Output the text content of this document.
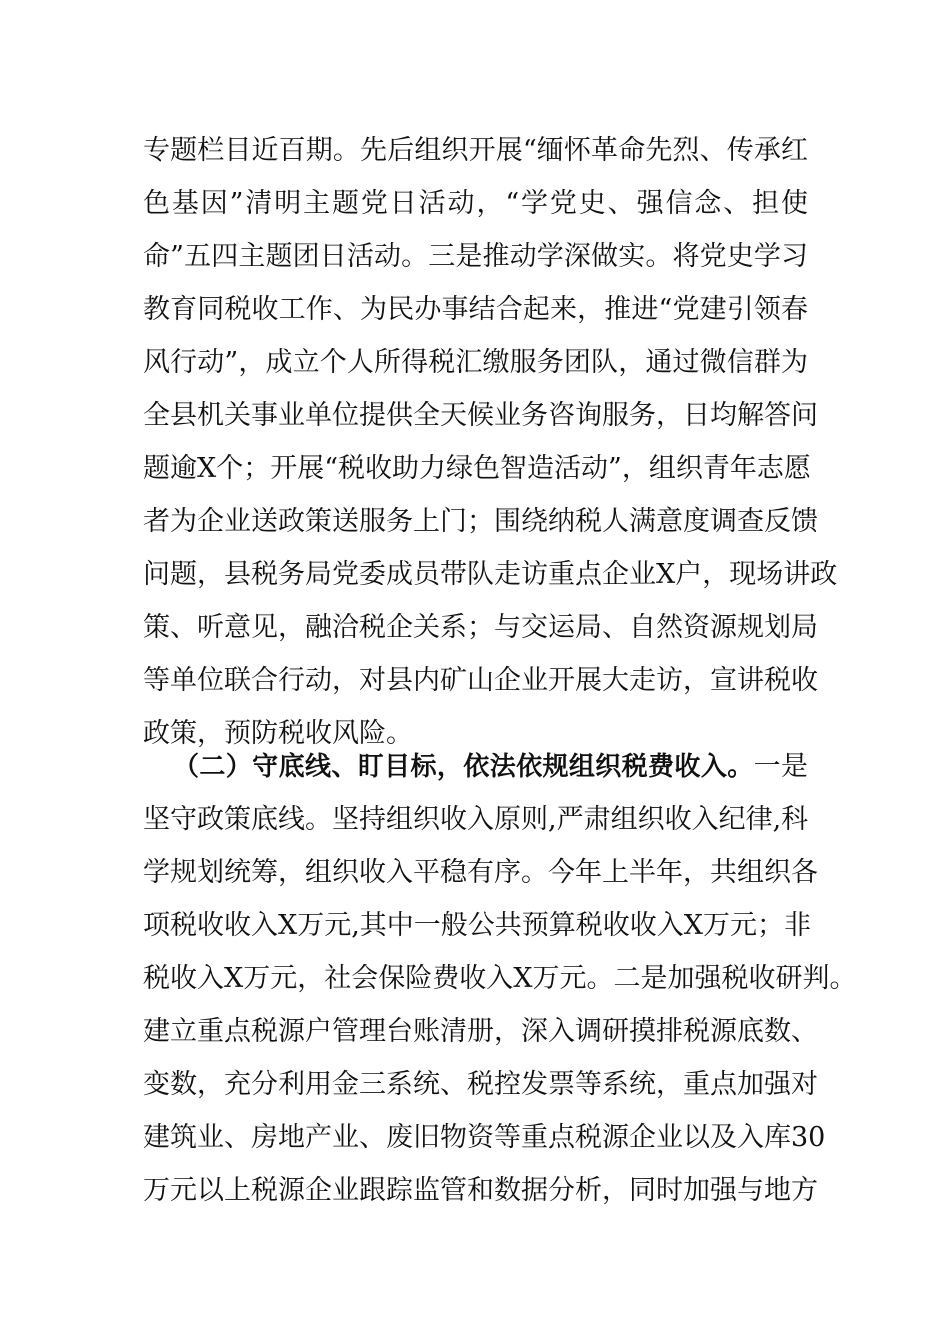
专题栏目近百期。先后组织开展“缅怀革命先烈、传承红
色基因”清明主题党日活动，“学党史、强信念、担使
命”五四主题团日活动。三是推动学深做实。将党史学习
教育同税收工作、为民办事结合起来，推进“党建引领春
风行动”，成立个人所得税汇缴服务团队，通过微信群为
全县机关事业单位提供全天候业务咨询服务，日均解答问
题逾X个；开展“税收助力绿色智造活动”，组织青年志愿
者为企业送政策送服务上门；围绕纳税人满意度调查反馈
问题，县税务局党委成员带队走访重点企业X户，现场讲政
策、听意见，融洽税企关系；与交运局、自然资源规划局
等单位联合行动，对县内矿山企业开展大走访，宣讲税收
政策，预防税收风险。
（二）守底线、盯目标，依法依规组织税费收入。一是
坚守政策底线。坚持组织收入原则,严肃组织收入纪律,科
学规划统筹，组织收入平稳有序。今年上半年，共组织各
项税收收入X万元,其中一般公共预算税收收入X万元；非
税收入X万元，社会保险费收入X万元。二是加强税收研判。
建立重点税源户管理台账清册，深入调研摸排税源底数、
变数，充分利用金三系统、税控发票等系统，重点加强对
建筑业、房地产业、废旧物资等重点税源企业以及入库30
万元以上税源企业跟踪监管和数据分析，同时加强与地方
